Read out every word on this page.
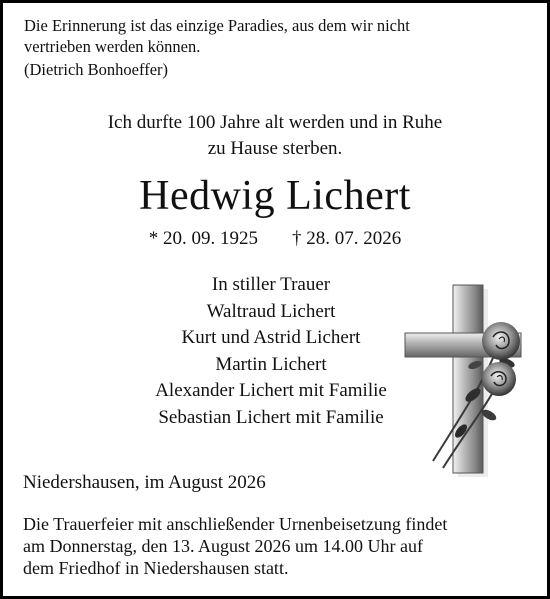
Die Erinnerung ist das einzige Paradies, aus dem wir nicht
vertrieben werden können.
(Dietrich Bonhoeffer)
Ich durfte 100 Jahre alt werden und in Ruhe
zu Hause sterben.
Hedwig Lichert
* 20. 09. 1925 † 28. 07. 2026
In stiller Trauer
Waltraud Lichert
Kurt und Astrid Lichert
Martin Lichert
Alexander Lichert mit Familie
Sebastian Lichert mit Familie
Niedershausen, im August 2026
Die Trauerfeier mit anschließender Urnenbeisetzung findet
am Donnerstag, den 13. August 2026 um 14.00 Uhr auf
dem Friedhof in Niedershausen statt.
